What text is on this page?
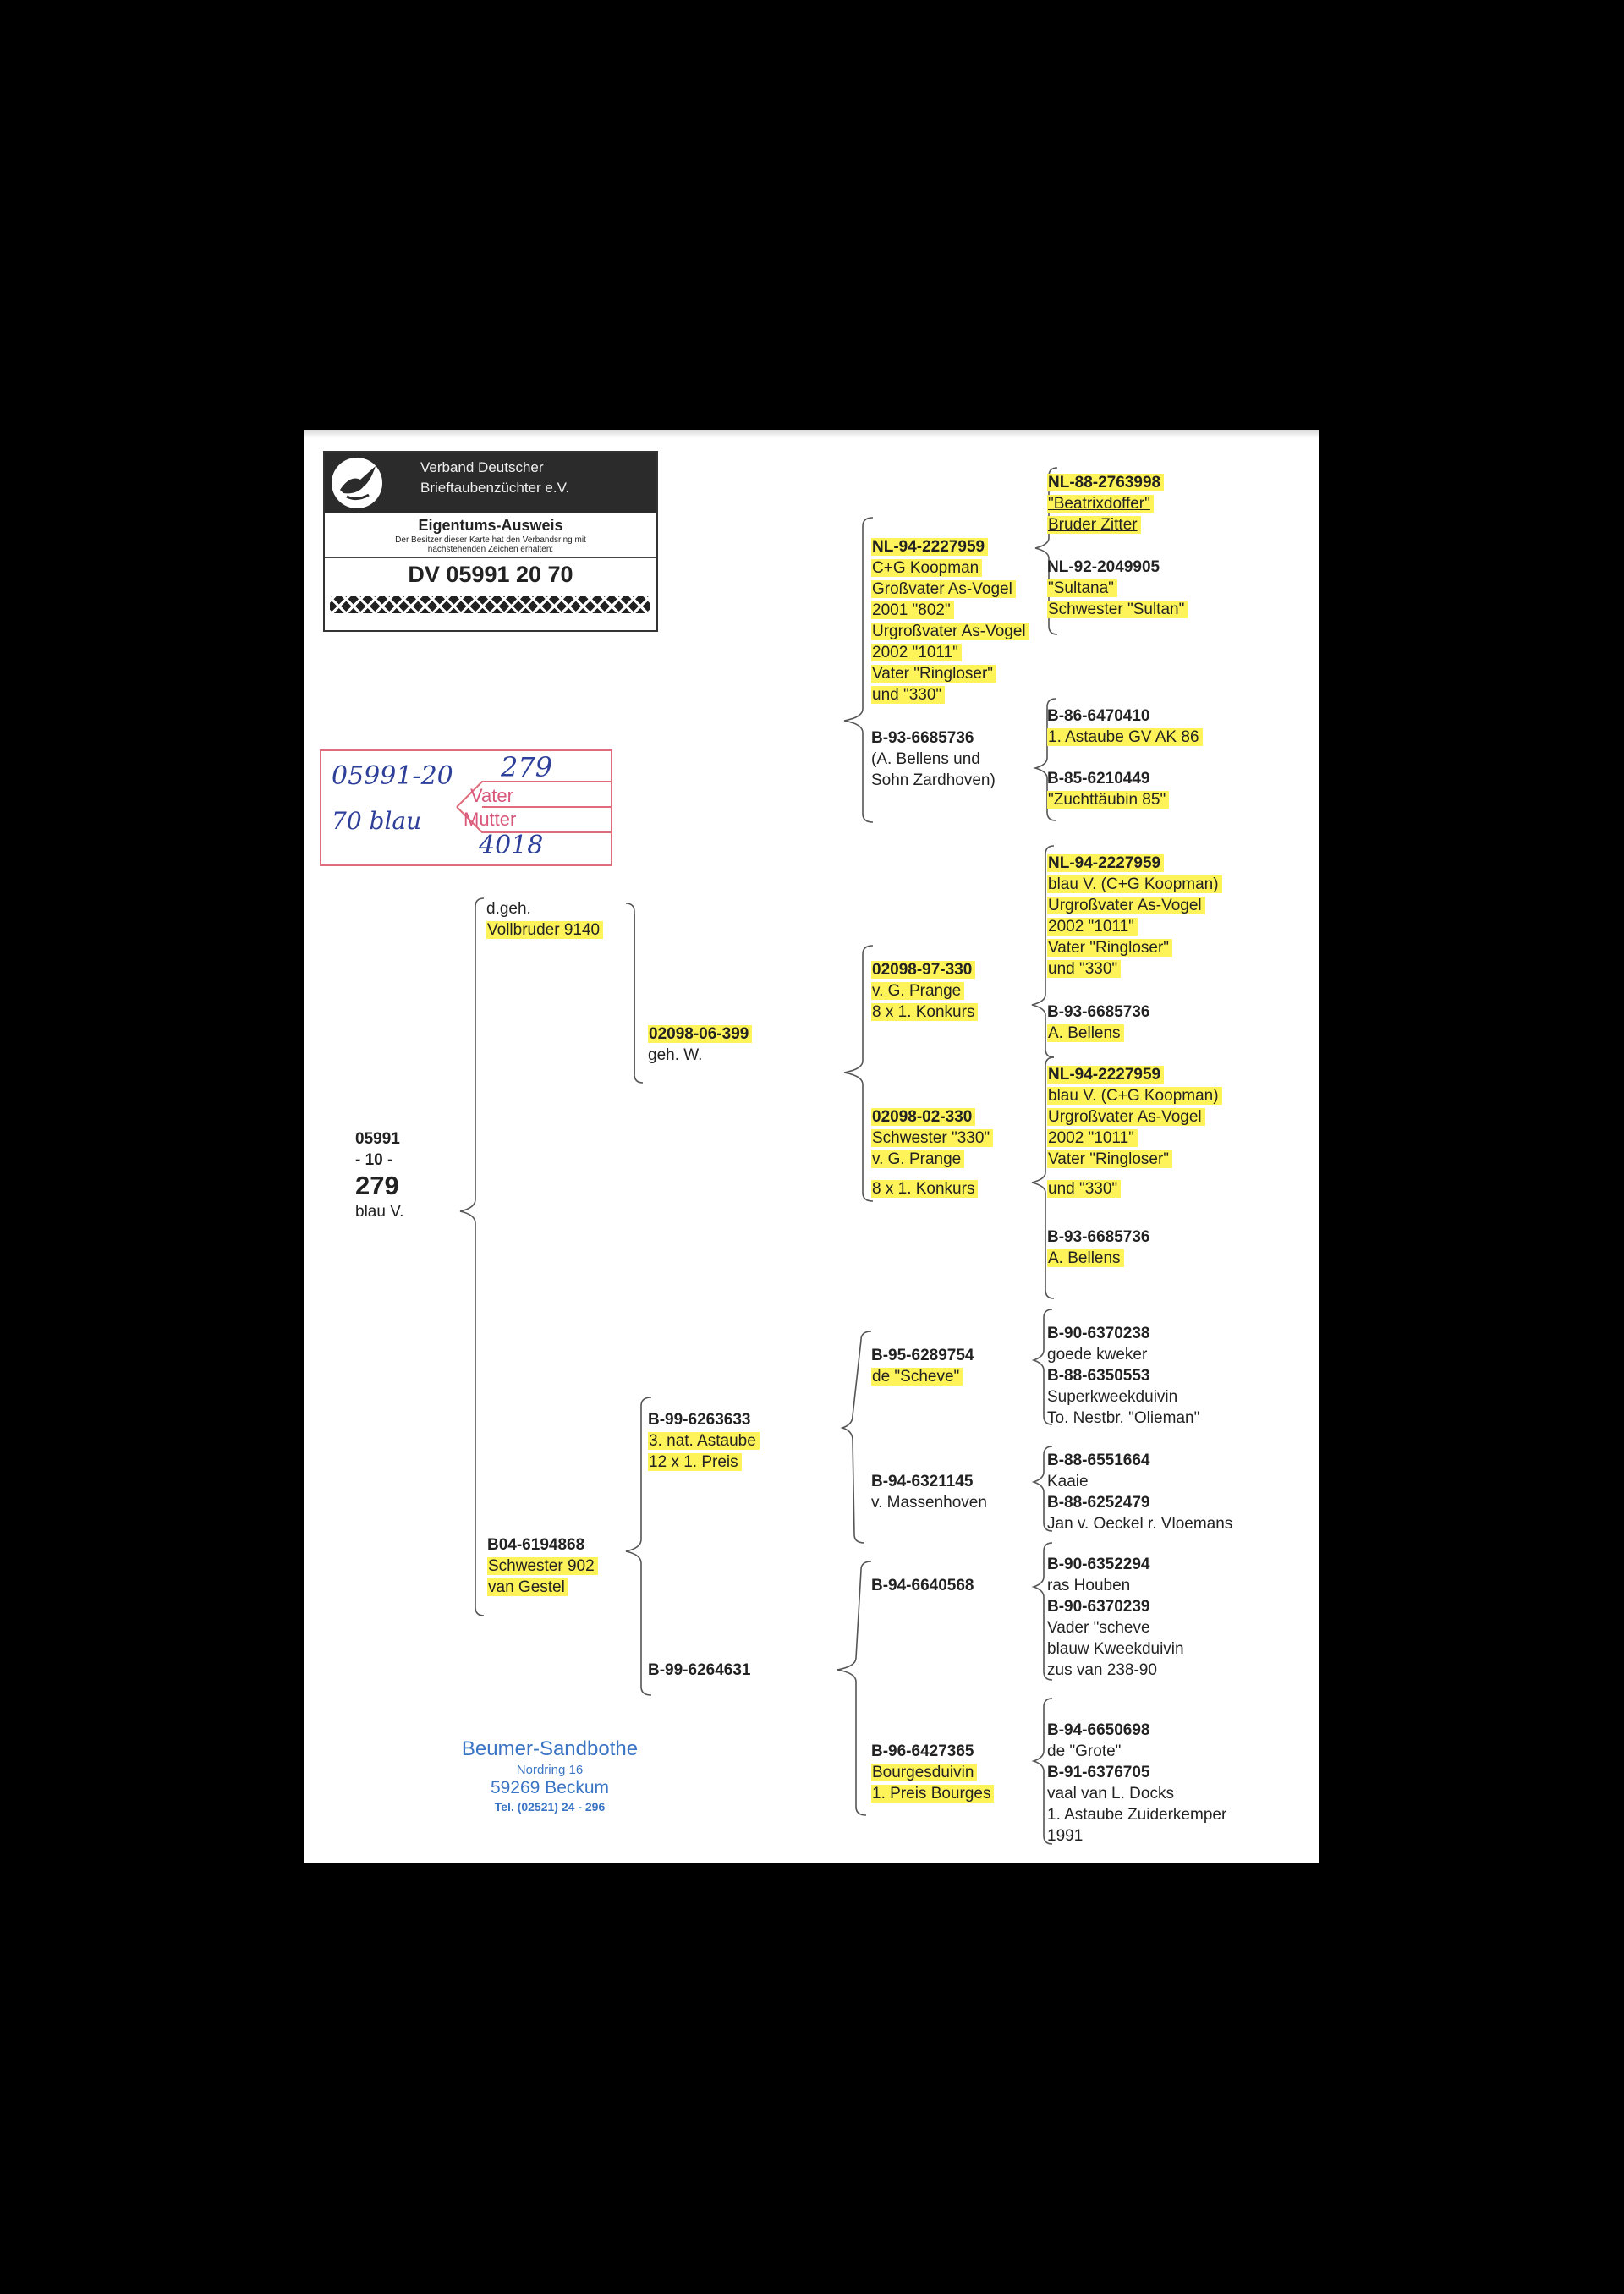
Verband Deutscher
Brieftaubenzüchter e.V.
Eigentums-Ausweis
Der Besitzer dieser Karte hat den Verbandsring mit nachstehenden Zeichen erhalten:
DV 05991 20 70
05991-20
70 blau
279
4018
Vater
Mutter
05991
- 10 -
279
blau V.
d.geh.
Vollbruder 9140
02098-06-399
geh. W.
B04-6194868
Schwester 902
van Gestel
B-99-6263633
3. nat. Astaube
12 x 1. Preis
B-99-6264631
NL-94-2227959
C+G Koopman
Großvater As-Vogel
2001 "802"
Urgroßvater As-Vogel
2002 "1011"
Vater "Ringloser"
und "330"
B-93-6685736
(A. Bellens und
Sohn Zardhoven)
02098-97-330
v. G. Prange
8 x 1. Konkurs
02098-02-330
Schwester "330"
v. G. Prange
8 x 1. Konkurs
B-95-6289754
de "Scheve"
B-94-6321145
v. Massenhoven
B-94-6640568
B-96-6427365
Bourgesduivin
1. Preis Bourges
NL-88-2763998
"Beatrixdoffer"
Bruder Zitter
NL-92-2049905
"Sultana"
Schwester "Sultan"
B-86-6470410
1. Astaube GV AK 86
B-85-6210449
"Zuchttäubin 85"
NL-94-2227959
blau V. (C+G Koopman)
Urgroßvater As-Vogel
2002 "1011"
Vater "Ringloser"
und "330"
B-93-6685736
A. Bellens
NL-94-2227959
blau V. (C+G Koopman)
Urgroßvater As-Vogel
2002 "1011"
Vater "Ringloser"
und "330"
B-93-6685736
A. Bellens
B-90-6370238
goede kweker
B-88-6350553
Superkweekduivin
To. Nestbr. "Olieman"
B-88-6551664
Kaaie
B-88-6252479
Jan v. Oeckel r. Vloemans
B-90-6352294
ras Houben
B-90-6370239
Vader "scheve
blauw Kweekduivin
zus van 238-90
B-94-6650698
de "Grote"
B-91-6376705
vaal van L. Docks
1. Astaube Zuiderkemper
1991
Beumer-Sandbothe
Nordring 16
59269 Beckum
Tel. (02521) 24 - 296
